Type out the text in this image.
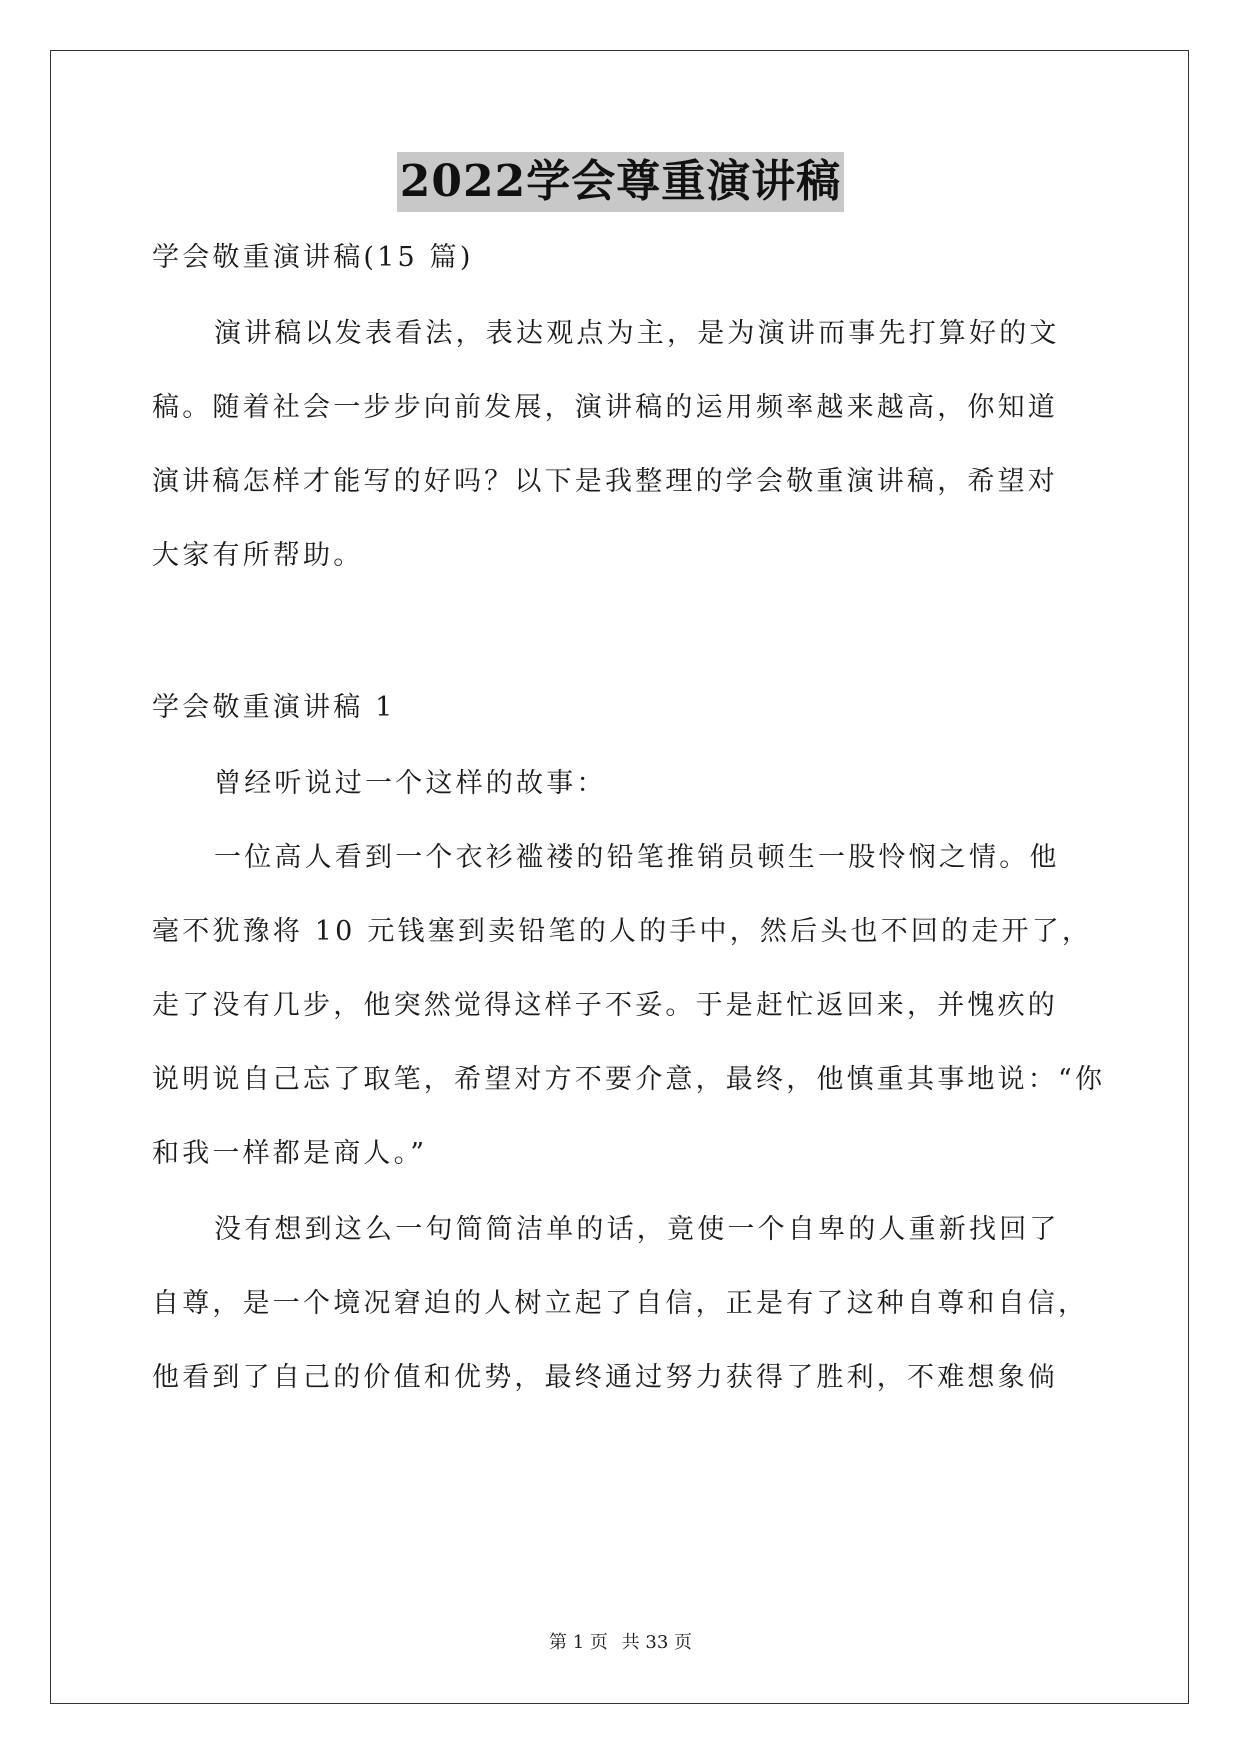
2022学会尊重演讲稿
学会敬重演讲稿(15 篇)
演讲稿以发表看法，表达观点为主，是为演讲而事先打算好的文
稿。随着社会一步步向前发展，演讲稿的运用频率越来越高，你知道
演讲稿怎样才能写的好吗？以下是我整理的学会敬重演讲稿，希望对
大家有所帮助。
学会敬重演讲稿 1
曾经听说过一个这样的故事：
一位高人看到一个衣衫褴褛的铅笔推销员顿生一股怜悯之情。他
毫不犹豫将 10 元钱塞到卖铅笔的人的手中，然后头也不回的走开了，
走了没有几步，他突然觉得这样子不妥。于是赶忙返回来，并愧疚的
说明说自己忘了取笔，希望对方不要介意，最终，他慎重其事地说：“你
和我一样都是商人。”
没有想到这么一句简简洁单的话，竟使一个自卑的人重新找回了
自尊，是一个境况窘迫的人树立起了自信，正是有了这种自尊和自信，
他看到了自己的价值和优势，最终通过努力获得了胜利，不难想象倘
第 1 页 共 33 页
